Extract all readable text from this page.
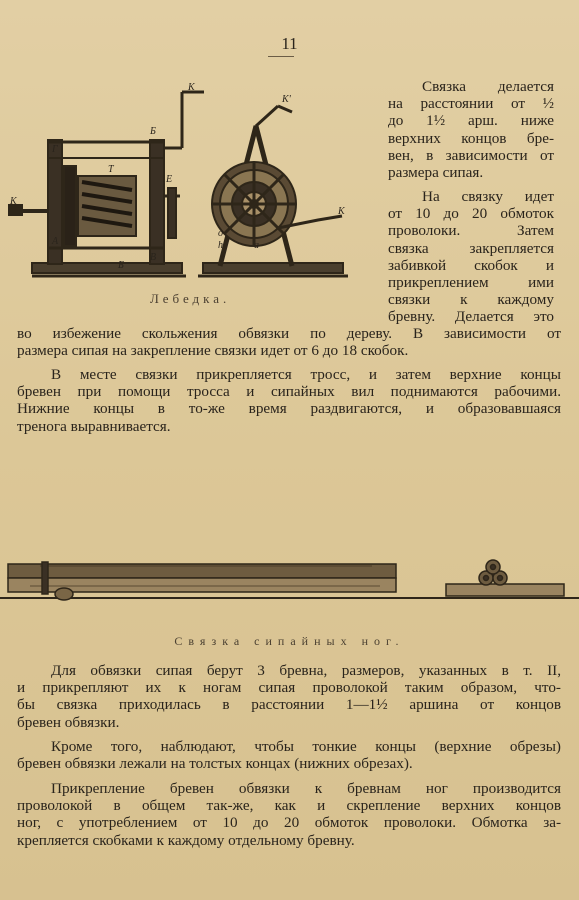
11
К
К
Б
Г
Т
А
Е
В
Б
К'
K
о
h	а
Лебедка.
Связка делается
на расстоянии от ½
до 1½ арш. ниже
верхних концов бре-
вен, в зависимости от
размера сипая.
На связку идет
от 10 до 20 обмоток
проволоки. Затем
связка закрепляется
забивкой скобок и
прикреплением ими
связки к каждому
бревну. Делается это
во избежение скольжения обвязки по дереву. В зависимости от
размера сипая на закрепление связки идет от 6 до 18 скобок.
В месте связки прикрепляется тросс, и затем верхние концы
бревен при помощи тросса и сипайных вил поднимаются рабочими.
Нижние концы в то-же время раздвигаются, и образовавшаяся
тренога выравнивается.
Связка сипайных ног.
Для обвязки сипая берут 3 бревна, размеров, указанных в т. II,
и прикрепляют их к ногам сипая проволокой таким образом, что-
бы связка приходилась в расстоянии 1—1½ аршина от концов
бревен обвязки.
Кроме того, наблюдают, чтобы тонкие концы (верхние обрезы)
бревен обвязки лежали на толстых концах (нижних обрезах).
Прикрепление бревен обвязки к бревнам ног производится
проволокой в общем так-же, как и скрепление верхних концов
ног, с употреблением от 10 до 20 обмоток проволоки. Обмотка за-
крепляется скобками к каждому отдельному бревну.
